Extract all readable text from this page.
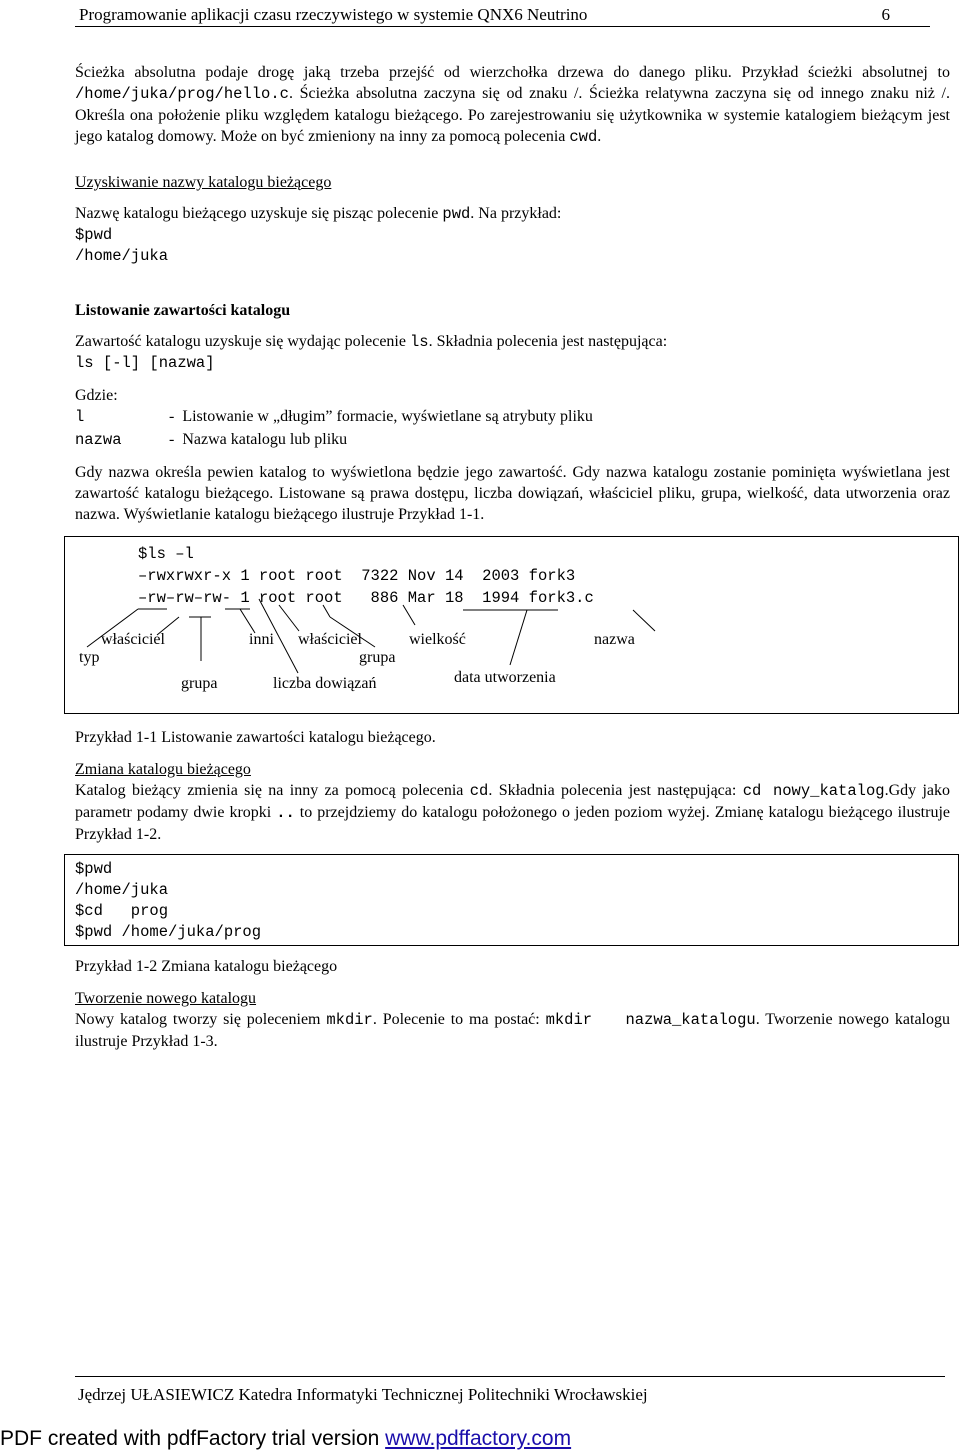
Programowanie aplikacji czasu rzeczywistego w systemie QNX6 Neutrino	6
Ścieżka absolutna podaje drogę jaką trzeba przejść od wierzchołka drzewa do danego pliku. Przykład ścieżki absolutnej to /home/juka/prog/hello.c. Ścieżka absolutna zaczyna się od znaku /. Ścieżka relatywna zaczyna się od innego znaku niż /. Określa ona położenie pliku względem katalogu bieżącego. Po zarejestrowaniu się użytkownika w systemie katalogiem bieżącym jest jego katalog domowy. Może on być zmieniony na inny za pomocą polecenia cwd.
Uzyskiwanie nazwy katalogu bieżącego
Nazwę katalogu bieżącego uzyskuje się pisząc polecenie pwd. Na przykład:
$pwd
/home/juka
Listowanie zawartości katalogu
Zawartość katalogu uzyskuje się wydając polecenie ls. Składnia polecenia jest następująca:
ls [-l] [nazwa]
Gdzie:
l	- Listowanie w „długim” formacie, wyświetlane są atrybuty pliku
nazwa	- Nazwa katalogu lub pliku
Gdy nazwa określa pewien katalog to wyświetlona będzie jego zawartość. Gdy nazwa katalogu zostanie pominięta wyświetlana jest zawartość katalogu bieżącego. Listowane są prawa dostępu, liczba dowiązań, właściciel pliku, grupa, wielkość, data utworzenia oraz nazwa. Wyświetlanie katalogu bieżącego ilustruje Przykład 1-1.
$ls –l
–rwxrwxr-x 1 root root  7322 Nov 14  2003 fork3
–rw–rw–rw- 1 root root   886 Mar 18  1994 fork3.c
właściciel
typ
grupa
inni
liczba dowiązań
właściciel
grupa
wielkość
data utworzenia
nazwa
Przykład 1-1 Listowanie zawartości katalogu bieżącego.
Zmiana katalogu bieżącego
Katalog bieżący zmienia się na inny za pomocą polecenia cd. Składnia polecenia jest następująca: cd nowy_katalog.Gdy jako parametr podamy dwie kropki .. to przejdziemy do katalogu położonego o jeden poziom wyżej. Zmianę katalogu bieżącego ilustruje Przykład 1-2.
$pwd
/home/juka
$cd   prog
$pwd /home/juka/prog
Przykład 1-2 Zmiana katalogu bieżącego
Tworzenie nowego katalogu
Nowy katalog tworzy się poleceniem mkdir. Polecenie to ma postać: mkdir   nazwa_katalogu. Tworzenie nowego katalogu ilustruje Przykład 1-3.
Jędrzej UŁASIEWICZ Katedra Informatyki Technicznej Politechniki Wrocławskiej
PDF created with pdfFactory trial version www.pdffactory.com
